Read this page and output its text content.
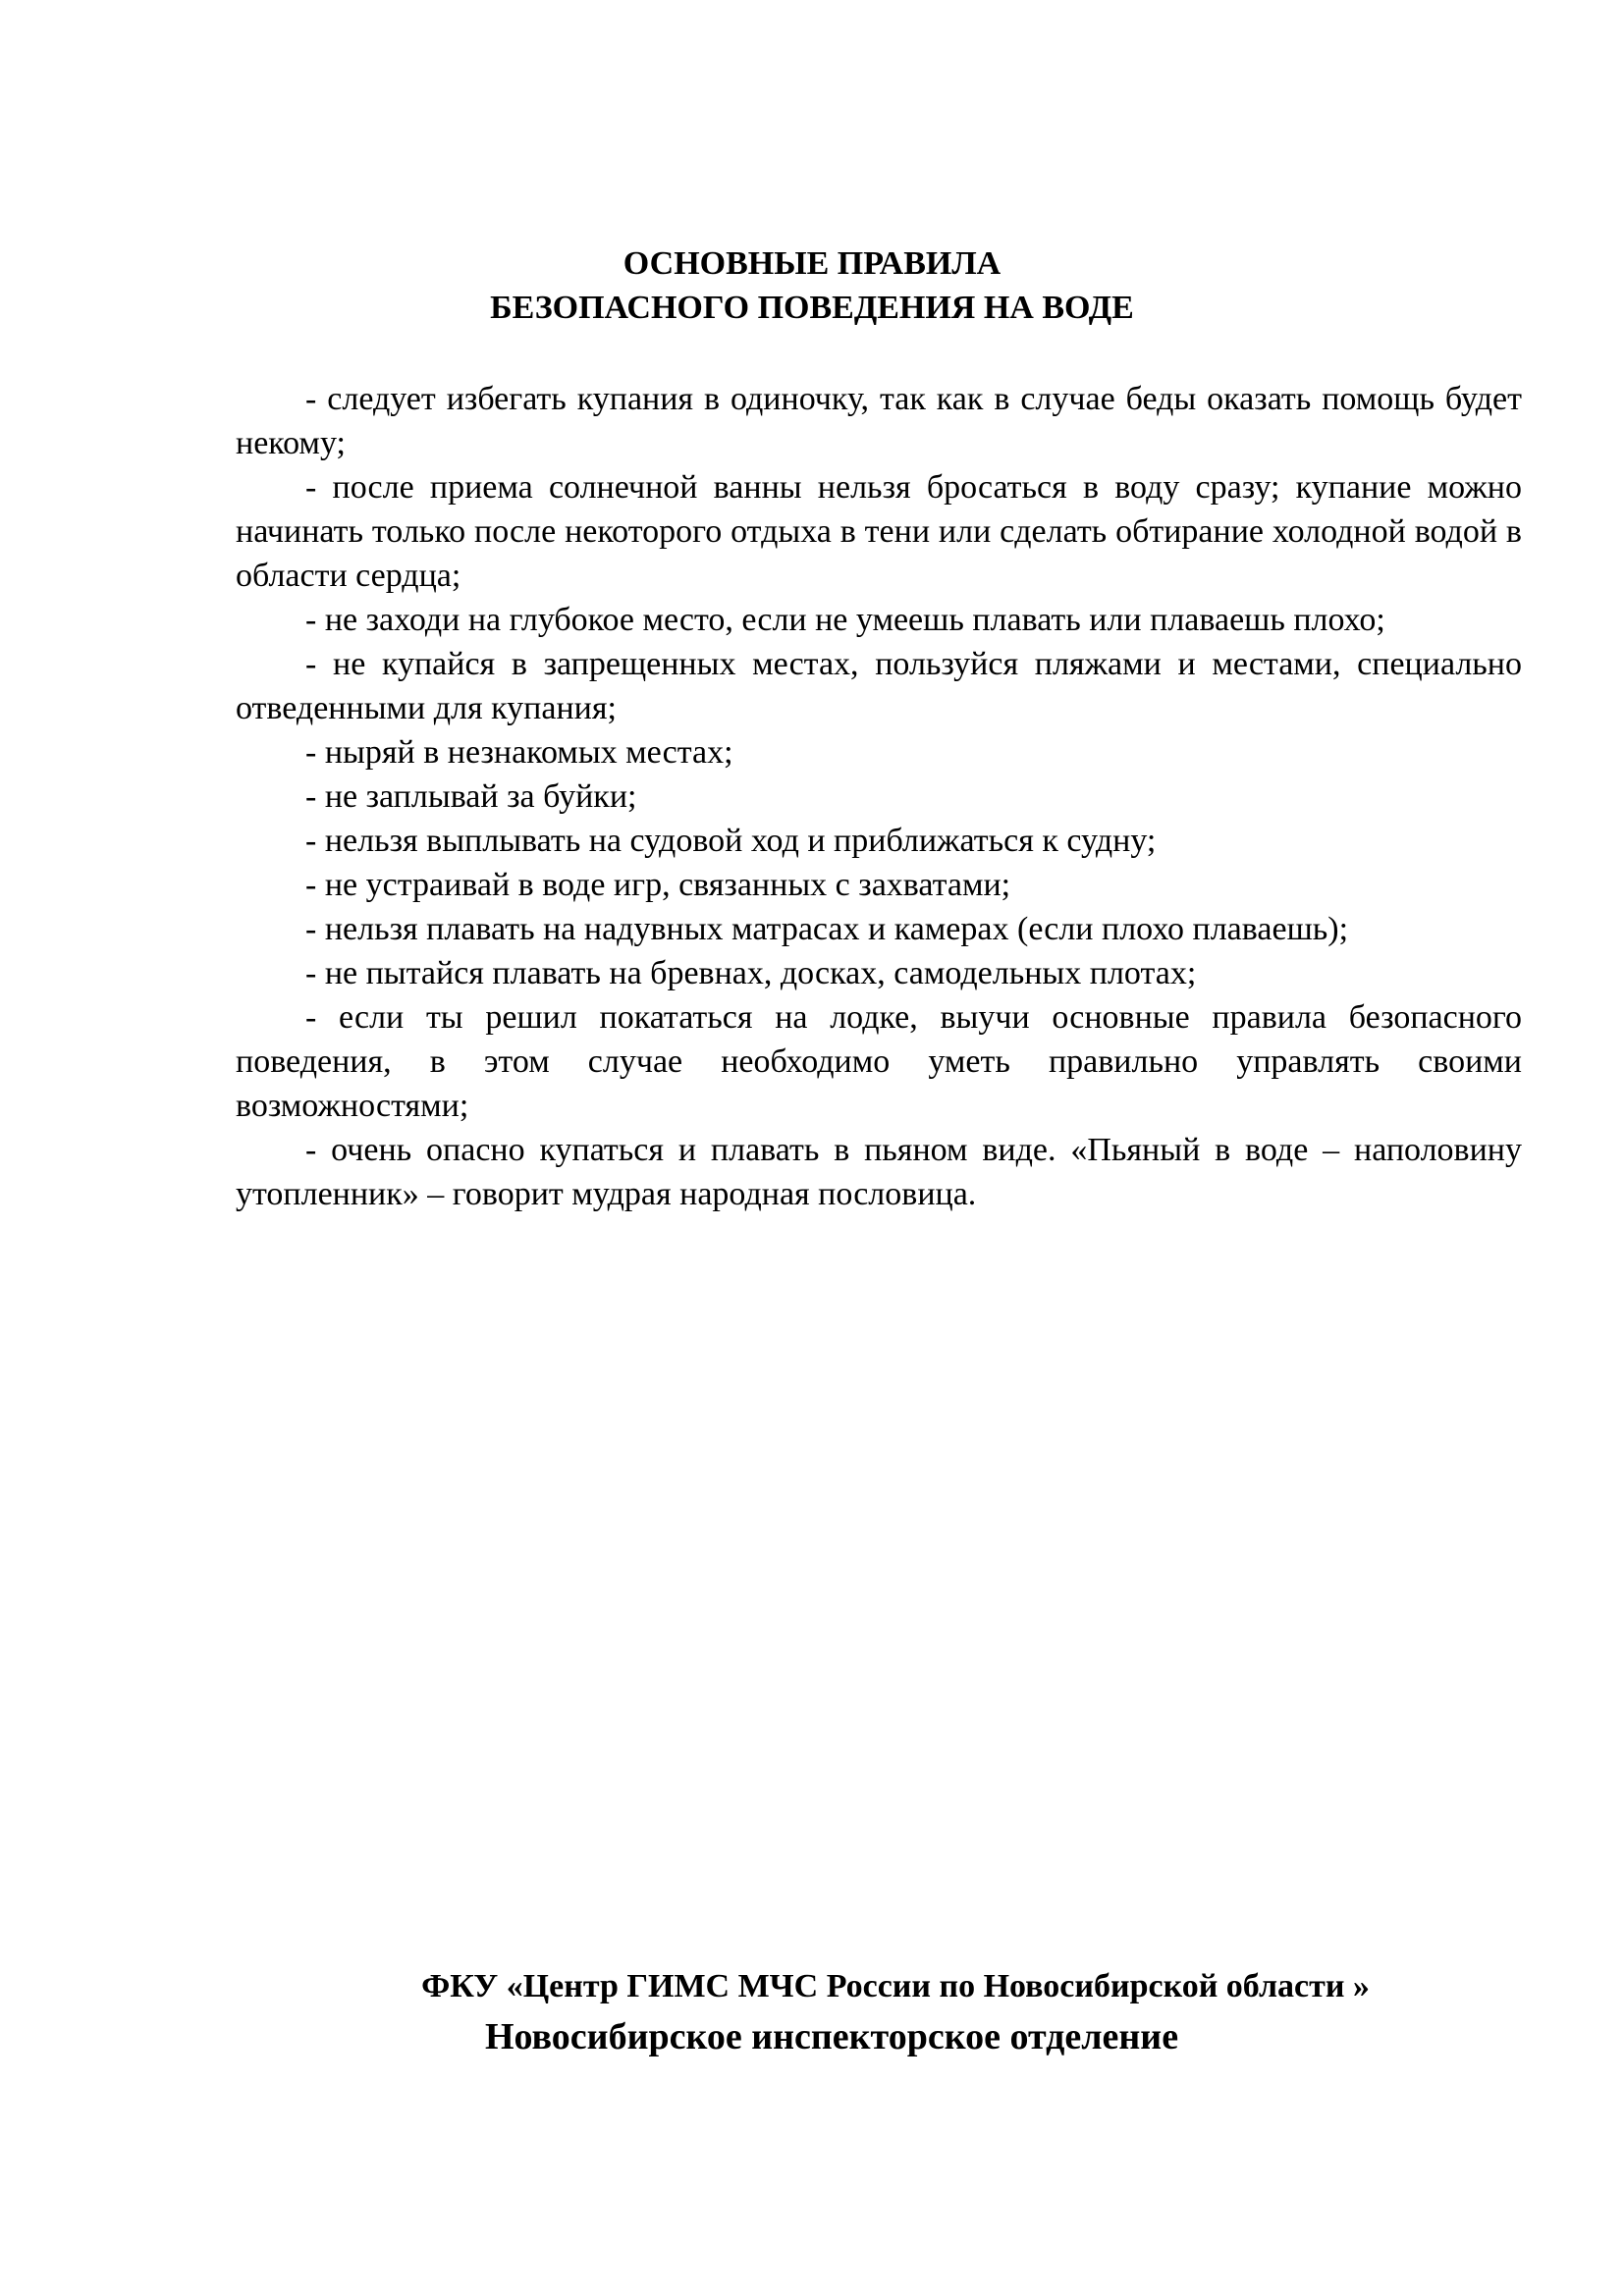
ОСНОВНЫЕ ПРАВИЛА
БЕЗОПАСНОГО ПОВЕДЕНИЯ НА ВОДЕ

- следует избегать купания в одиночку, так как в случае беды оказать помощь будет некому;

- после приема солнечной ванны нельзя бросаться в воду сразу; купание можно начинать только после некоторого отдыха в тени или сделать обтирание холодной водой в области сердца;

- не заходи на глубокое место, если не умеешь плавать или плаваешь плохо;

- не купайся в запрещенных местах, пользуйся пляжами и местами, специально отведенными для купания;

- ныряй в незнакомых местах;

- не заплывай за буйки;

- нельзя выплывать на судовой ход и приближаться к судну;

- не устраивай в воде игр, связанных с захватами;

- нельзя плавать на надувных матрасах и камерах (если плохо плаваешь);

- не пытайся плавать на бревнах, досках, самодельных плотах;

- если ты решил покататься на лодке, выучи основные правила безопасного поведения, в этом случае необходимо уметь правильно управлять своими возможностями;

- очень опасно купаться и плавать в пьяном виде. «Пьяный в воде – наполовину утопленник» – говорит мудрая народная пословица.

ФКУ «Центр ГИМС МЧС России по Новосибирской области »
Новосибирское инспекторское отделение
